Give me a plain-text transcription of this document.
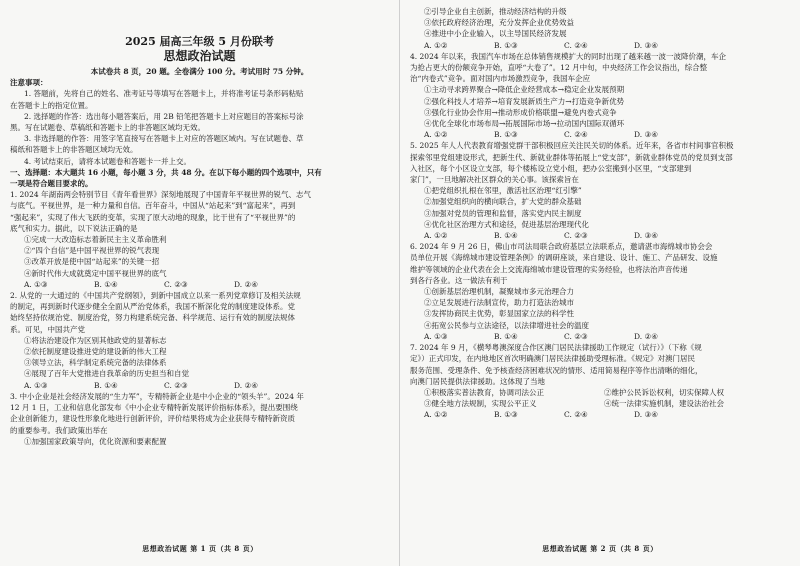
2025 届高三年级 5 月份联考
思想政治试题
本试卷共 8 页，20 题。全卷满分 100 分。考试用时 75 分钟。
注意事项：
1. 答题前，先将自己的姓名、准考证号等填写在答题卡上，并将准考证号条形码粘贴
在答题卡上的指定位置。
2. 选择题的作答：选出每小题答案后，用 2B 铅笔把答题卡上对应题目的答案标号涂
黑。写在试题卷、草稿纸和答题卡上的非答题区域均无效。
3. 非选择题的作答：用签字笔直接写在答题卡上对应的答题区域内。写在试题卷、草
稿纸和答题卡上的非答题区域均无效。
4. 考试结束后，请将本试题卷和答题卡一并上交。
一、选择题：本大题共 16 小题，每小题 3 分，共 48 分。在以下每小题的四个选项中，只有
一项是符合题目要求的。
1. 2024 年湖南两会特别节目《青年看世界》深刻地展现了中国青年平视世界的锐气、志气
与底气。平视世界，是一种力量和自信。百年奋斗，中国从“站起来”到“富起来”，再到
“强起来”，实现了伟大飞跃的变革，实现了原大动地的现象，比于世有了“平视世界”的
底气和实力。据此，以下说法正确的是
①完成一大改造标志着新民主主义革命胜利
②“四个自信”是中国平视世界的锐气表现
③改革开放是使中国“站起来”的关键一招
④新时代伟大成就奠定中国平视世界的底气
A. ①③	B. ①④	C. ②③	D. ②④
2. 从党的一大通过的《中国共产党纲领》，到新中国成立以来一系列党章修订及相关法规
的制定，再到新时代逐步健全全面从严治党体系，我国不断深化党的制度建设体系。党
始终坚持依规治党、制度治党，努力构建系统完备、科学规范、运行有效的制度法规体
系。可见，中国共产党
①将法治建设作为区别其他政党的显著标志
②依托制度建设推进党的建设新的伟大工程
③领导立法，科学制定系统完备的法律体系
④展现了百年大党推进自我革命的历史担当和自觉
A. ①③	B. ①④	C. ②③	D. ②④
3. 中小企业是社会经济发展的“生力军”，专精特新企业是中小企业的“领头羊”。2024 年
12 月 1 日，工业和信息化部发布《中小企业专精特新发展评价指标体系》，提出要围绕
企业创新能力，建设性形象化地进行创新评价，评价结果将成为企业获得专精特新资质
的重要参考。我们政策出举在
①加强国家政策导向，优化资源和要素配置
思想政治试题 第 1 页（共 8 页）
②引导企业自主创新，推动经济结构的升级
③依托政府经济治理，充分发挥企业优势效益
④推进中小企业输入，以主导国民经济发展
A. ①②	B. ①③	C. ②④	D. ③④
4. 2024 年以来，我国汽车市场在总体销售规模扩大的同时出现了越来越一波一波降价潮，车企
为抢占更大的份额竞争开始，直呼“大卷了”。12 月中旬，中央经济工作会议指出，综合整
治“内卷式”竞争。面对国内市场激烈竞争，我国车企应
①主动寻求跨界聚合→降低企业经营成本→稳定企业发展预期
②强化科技人才培养→培育发展新质生产力→打造竞争新优势
③强化行业协会作用→推动形成价格联盟→避免内卷式竞争
④优化全球化市场布局→拓展国际市场→拉动国内国际双循环
A. ①②	B. ①③	C. ②④	D. ③④
5. 2025 年人人代表教育增强党群干部积极回应关注民关切的体系。近年来，各省市村间事官积极
探索邻里党组建设形式，把新生代、新就业群体等拓展上“党支部”，新就业群体党员的党员到支部
入社区，每个小区设立支部，每个楼栋设立党小组，把办公室搬到小区里，“支部建到
家门”，一旦地解决社区群众的关心事。该探索旨在
①把党组织扎根在邻里，激活社区治理“红引擎”
②加强党组织向的横向联合，扩大党的群众基础
③加强对党员的管理和监督，落实党内民主制度
④优化社区治理方式和途径，促进基层治理现代化
A. ①②	B. ①④	C. ②③	D. ③④
6. 2024 年 9 月 26 日，佛山市司法局联合政府基层立法联系点，邀请湛市海绵城市协会会
员单位开展《海绵城市建设管理条例》的调研座谈，来自建设、设计、施工、产品研发、设施
维护等领域的企业代表在会上交流海绵城市建设管理的实务经验，也将法治声音传递
到各行各业。这一做法有利于
①创新基层治理机制，凝聚城市多元治理合力
②立足发展进行法制宣传，助力打造法治城市
③发挥协商民主优势，彰显国家立法的科学性
④拓宽公民参与立法途径，以法律增进社会的温度
A. ①③	B. ①④	C. ②③	D. ②④
7. 2024 年 9 月，《横琴粤澳深度合作区澳门居民法律援助工作规定（试行）》（下称《规
定》）正式印发，在内地地区首次明确澳门居民法律援助受理标准。《规定》对澳门居民
服务范围、受理条件、免予核查经济困难状况的情形、适用简易程序等作出清晰的细化，
向澳门居民提供法律援助。这体现了当地
①积极落实普法教育，协调司法公正	②维护公民诉讼权利，切实保障人权
③健全地方法规制，实现公平正义	④统一法律实施机制，建设法治社会
A. ①②	B. ①③	C. ②④	D. ③④
思想政治试题 第 2 页（共 8 页）
